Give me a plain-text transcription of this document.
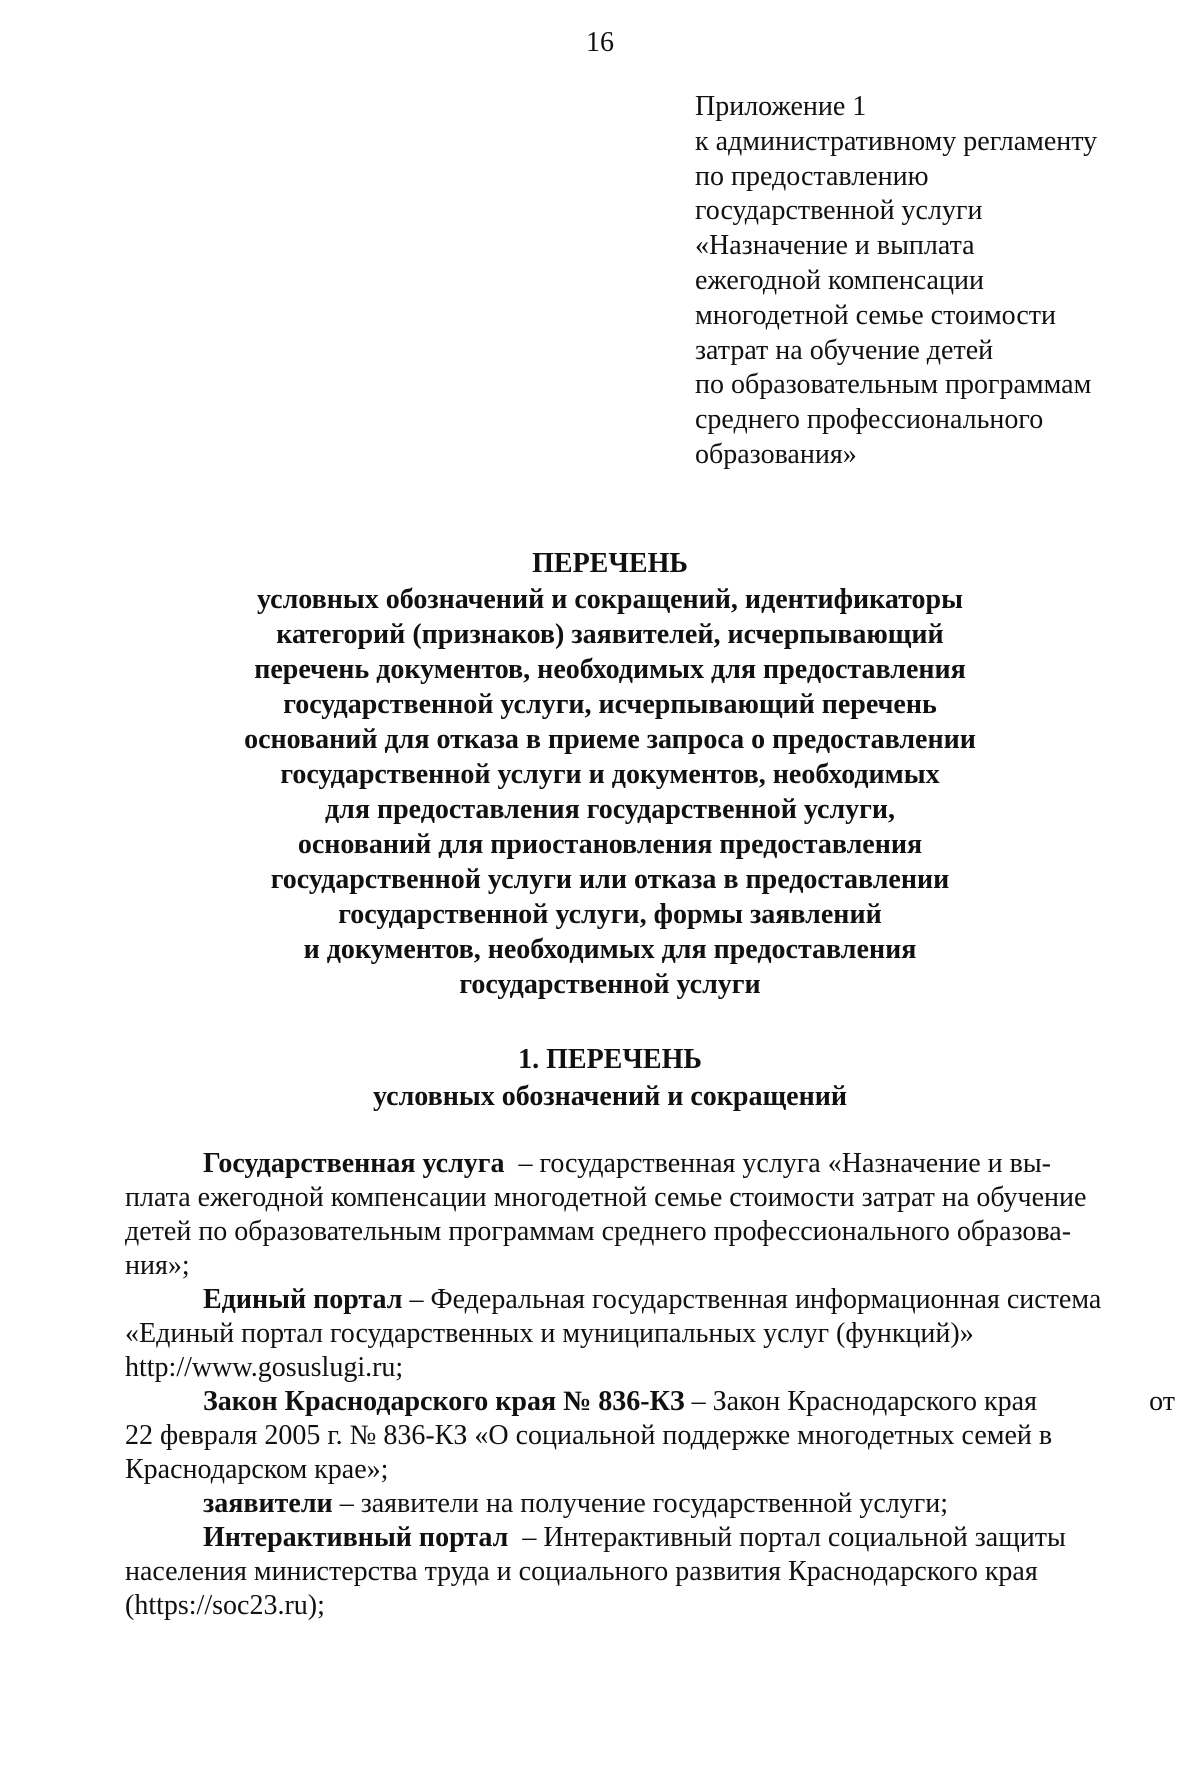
16
Приложение 1
к административному регламенту
по предоставлению
государственной услуги
«Назначение и выплата
ежегодной компенсации
многодетной семье стоимости
затрат на обучение детей
по образовательным программам
среднего профессионального
образования»
ПЕРЕЧЕНЬ
условных обозначений и сокращений, идентификаторы
категорий (признаков) заявителей, исчерпывающий
перечень документов, необходимых для предоставления
государственной услуги, исчерпывающий перечень
оснований для отказа в приеме запроса о предоставлении
государственной услуги и документов, необходимых
для предоставления государственной услуги,
оснований для приостановления предоставления
государственной услуги или отказа в предоставлении
государственной услуги, формы заявлений
и документов, необходимых для предоставления
государственной услуги
1. ПЕРЕЧЕНЬ
условных обозначений и сокращений
Государственная услуга – государственная услуга «Назначение и вы-
плата ежегодной компенсации многодетной семье стоимости затрат на обучение
детей по образовательным программам среднего профессионального образова-
ния»;
Единый портал – Федеральная государственная информационная система
«Единый портал государственных и муниципальных услуг (функций)»
http://www.gosuslugi.ru;
Закон Краснодарского края № 836-КЗ – Закон Краснодарского края	от
22 февраля 2005 г. № 836-КЗ «О социальной поддержке многодетных семей в
Краснодарском крае»;
заявители – заявители на получение государственной услуги;
Интерактивный портал – Интерактивный портал социальной защиты
населения министерства труда и социального развития Краснодарского края
(https://soc23.ru);
